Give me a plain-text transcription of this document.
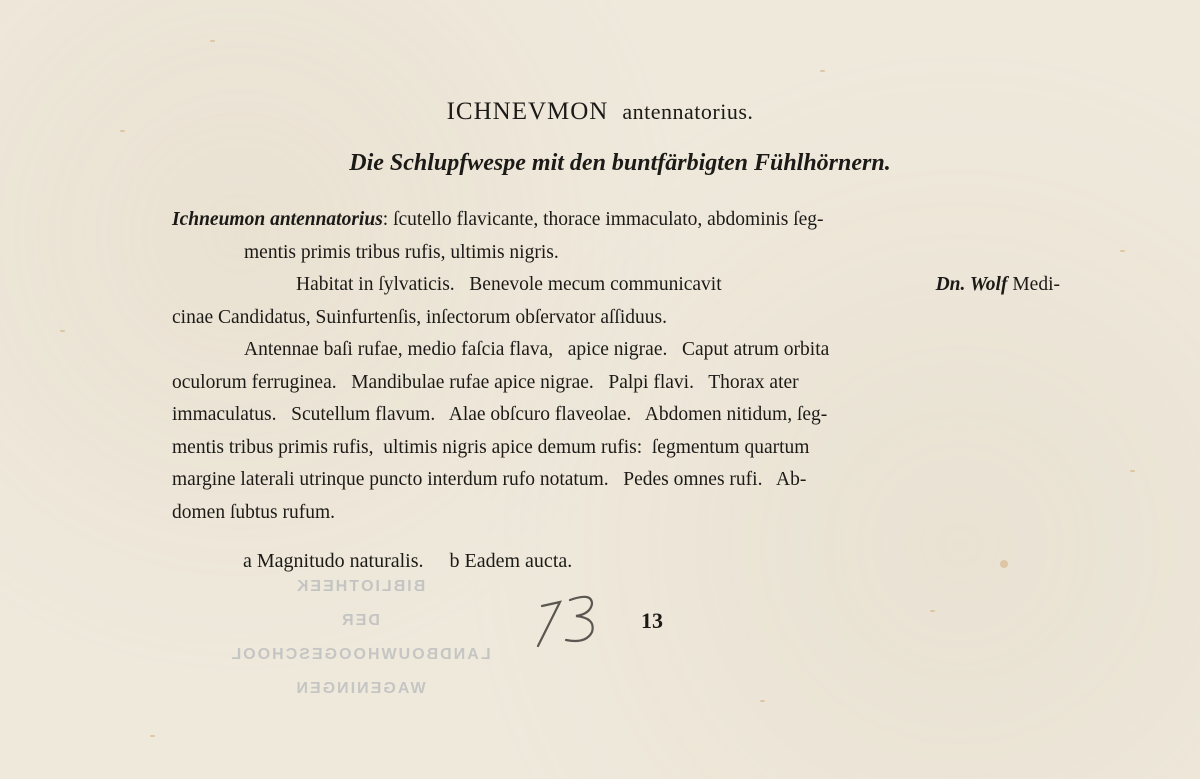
BIBLIOTHEEK
DER
LANDBOUWHOOGESCHOOL
WAGENINGEN
ICHNEVMON antennatorius.
Die Schlupfwespe mit den buntfärbigten Fühlhörnern.
Ichneumon antennatorius: ſcutello flavicante, thorace immaculato, abdominis ſeg-
mentis primis tribus rufis, ultimis nigris.
Habitat in ſylvaticis.   Benevole mecum communicavit	Dn. Wolf Medi-
cinae Candidatus, Suinfurtenſis, inſectorum obſervator aſſiduus.
Antennae baſi rufae, medio faſcia flava,   apice nigrae.   Caput atrum orbita
oculorum ferruginea.   Mandibulae rufae apice nigrae.   Palpi flavi.   Thorax ater
immaculatus.   Scutellum flavum.   Alae obſcuro flaveolae.   Abdomen nitidum, ſeg-
mentis tribus primis rufis,  ultimis nigris apice demum rufis:  ſegmentum quartum
margine laterali utrinque puncto interdum rufo notatum.   Pedes omnes rufi.   Ab-
domen ſubtus rufum.
a Magnitudo naturalis. b Eadem aucta.
13
